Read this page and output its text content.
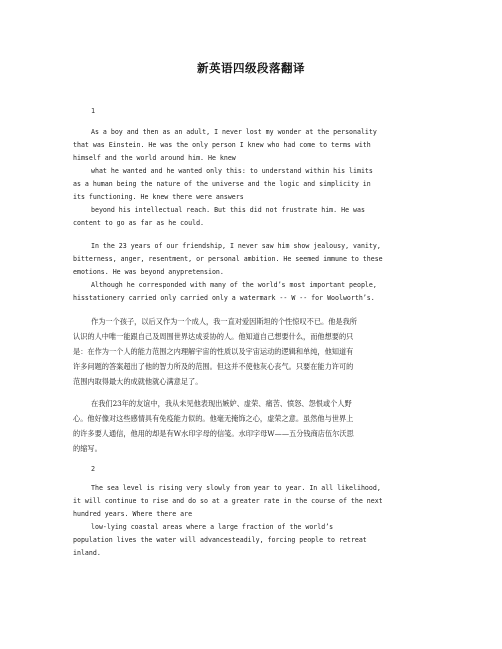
新英语四级段落翻译
1
As a boy and then as an adult, I never lost my wonder at the personality
that was Einstein. He was the only person I knew who had come to terms with
himself and the world around him. He knew
what he wanted and he wanted only this: to understand within his limits
as a human being the nature of the universe and the logic and simplicity in
its functioning. He knew there were answers
beyond his intellectual reach. But this did not frustrate him. He was
content to go as far as he could.
In the 23 years of our friendship, I never saw him show jealousy, vanity,
bitterness, anger, resentment, or personal ambition. He seemed immune to these
emotions. He was beyond anypretension.
Although he corresponded with many of the world’s most important people,
hisstationery carried only carried only a watermark -- W -- for Woolworth’s.
作为一个孩子，以后又作为一个成人，我一直对爱因斯坦的个性惊叹不已。他是我所
认识的人中唯一能跟自己及周围世界达成妥协的人。他知道自己想要什么，而他想要的只
是：在作为一个人的能力范围之内理解宇宙的性质以及宇宙运动的逻辑和单纯，他知道有
许多问题的答案超出了他的智力所及的范围。但这并不使他灰心丧气。只要在能力许可的
范围内取得最大的成就他就心满意足了。
在我们23年的友谊中，我从未见他表现出嫉妒、虚荣、痛苦、愤怒、怨恨或个人野
心。他好像对这些感情具有免疫能力似的。他毫无掩饰之心，虚荣之意。虽然他与世界上
的许多要人通信，他用的却是有W水印字母的信笺。水印字母W——五分钱商店伍尔沃思
的缩写。
2
The sea level is rising very slowly from year to year. In all likelihood,
it will continue to rise and do so at a greater rate in the course of the next
hundred years. Where there are
low-lying coastal areas where a large fraction of the world’s
population lives the water will advancesteadily, forcing people to retreat
inland.
